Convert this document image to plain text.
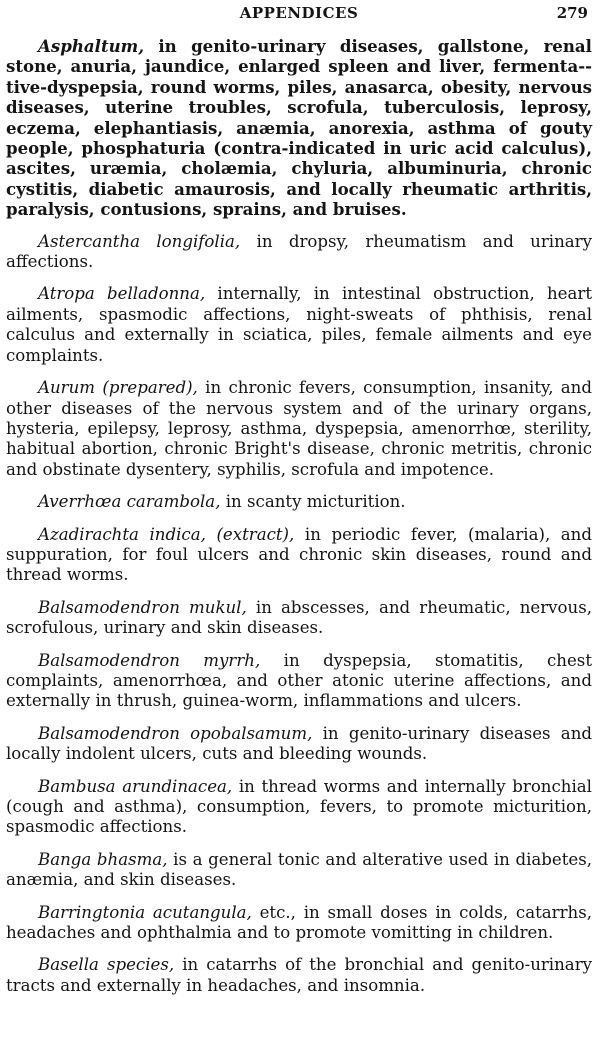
APPENDICES	279

Asphaltum, in genito-urinary diseases, gallstone, renal stone, anuria, jaundice, enlarged spleen and liver, fermenta-tive-dyspepsia, round worms, piles, anasarca, obesity, nervous diseases, uterine troubles, scrofula, tuberculosis, leprosy, eczema, elephantiasis, anæmia, anorexia, asthma of gouty people, phosphaturia (contra-indicated in uric acid calculus), ascites, uræmia, cholæmia, chyluria, albuminuria, chronic cystitis, diabetic amaurosis, and locally rheumatic arthritis, paralysis, contusions, sprains, and bruises.

Astercantha longifolia, in dropsy, rheumatism and urinary affections.

Atropa belladonna, internally, in intestinal obstruction, heart ailments, spasmodic affections, night-sweats of phthisis, renal calculus and externally in sciatica, piles, female ailments and eye complaints.

Aurum (prepared), in chronic fevers, consumption, insanity, and other diseases of the nervous system and of the urinary organs, hysteria, epilepsy, leprosy, asthma, dyspepsia, amenorrhœ, sterility, habitual abortion, chronic Bright's disease, chronic metritis, chronic and obstinate dysentery, syphilis, scrofula and impotence.

Averrhœa carambola, in scanty micturition.

Azadirachta indica, (extract), in periodic fever, (malaria), and suppuration, for foul ulcers and chronic skin diseases, round and thread worms.

Balsamodendron mukul, in abscesses, and rheumatic, nervous, scrofulous, urinary and skin diseases.

Balsamodendron myrrh, in dyspepsia, stomatitis, chest complaints, amenorrhœa, and other atonic uterine affections, and externally in thrush, guinea-worm, inflammations and ulcers.

Balsamodendron opobalsamum, in genito-urinary diseases and locally indolent ulcers, cuts and bleeding wounds.

Bambusa arundinacea, in thread worms and internally bronchial (cough and asthma), consumption, fevers, to promote micturition, spasmodic affections.

Banga bhasma, is a general tonic and alterative used in diabetes, anæmia, and skin diseases.

Barringtonia acutangula, etc., in small doses in colds, catarrhs, headaches and ophthalmia and to promote vomitting in children.

Basella species, in catarrhs of the bronchial and genito-urinary tracts and externally in headaches, and insomnia.
